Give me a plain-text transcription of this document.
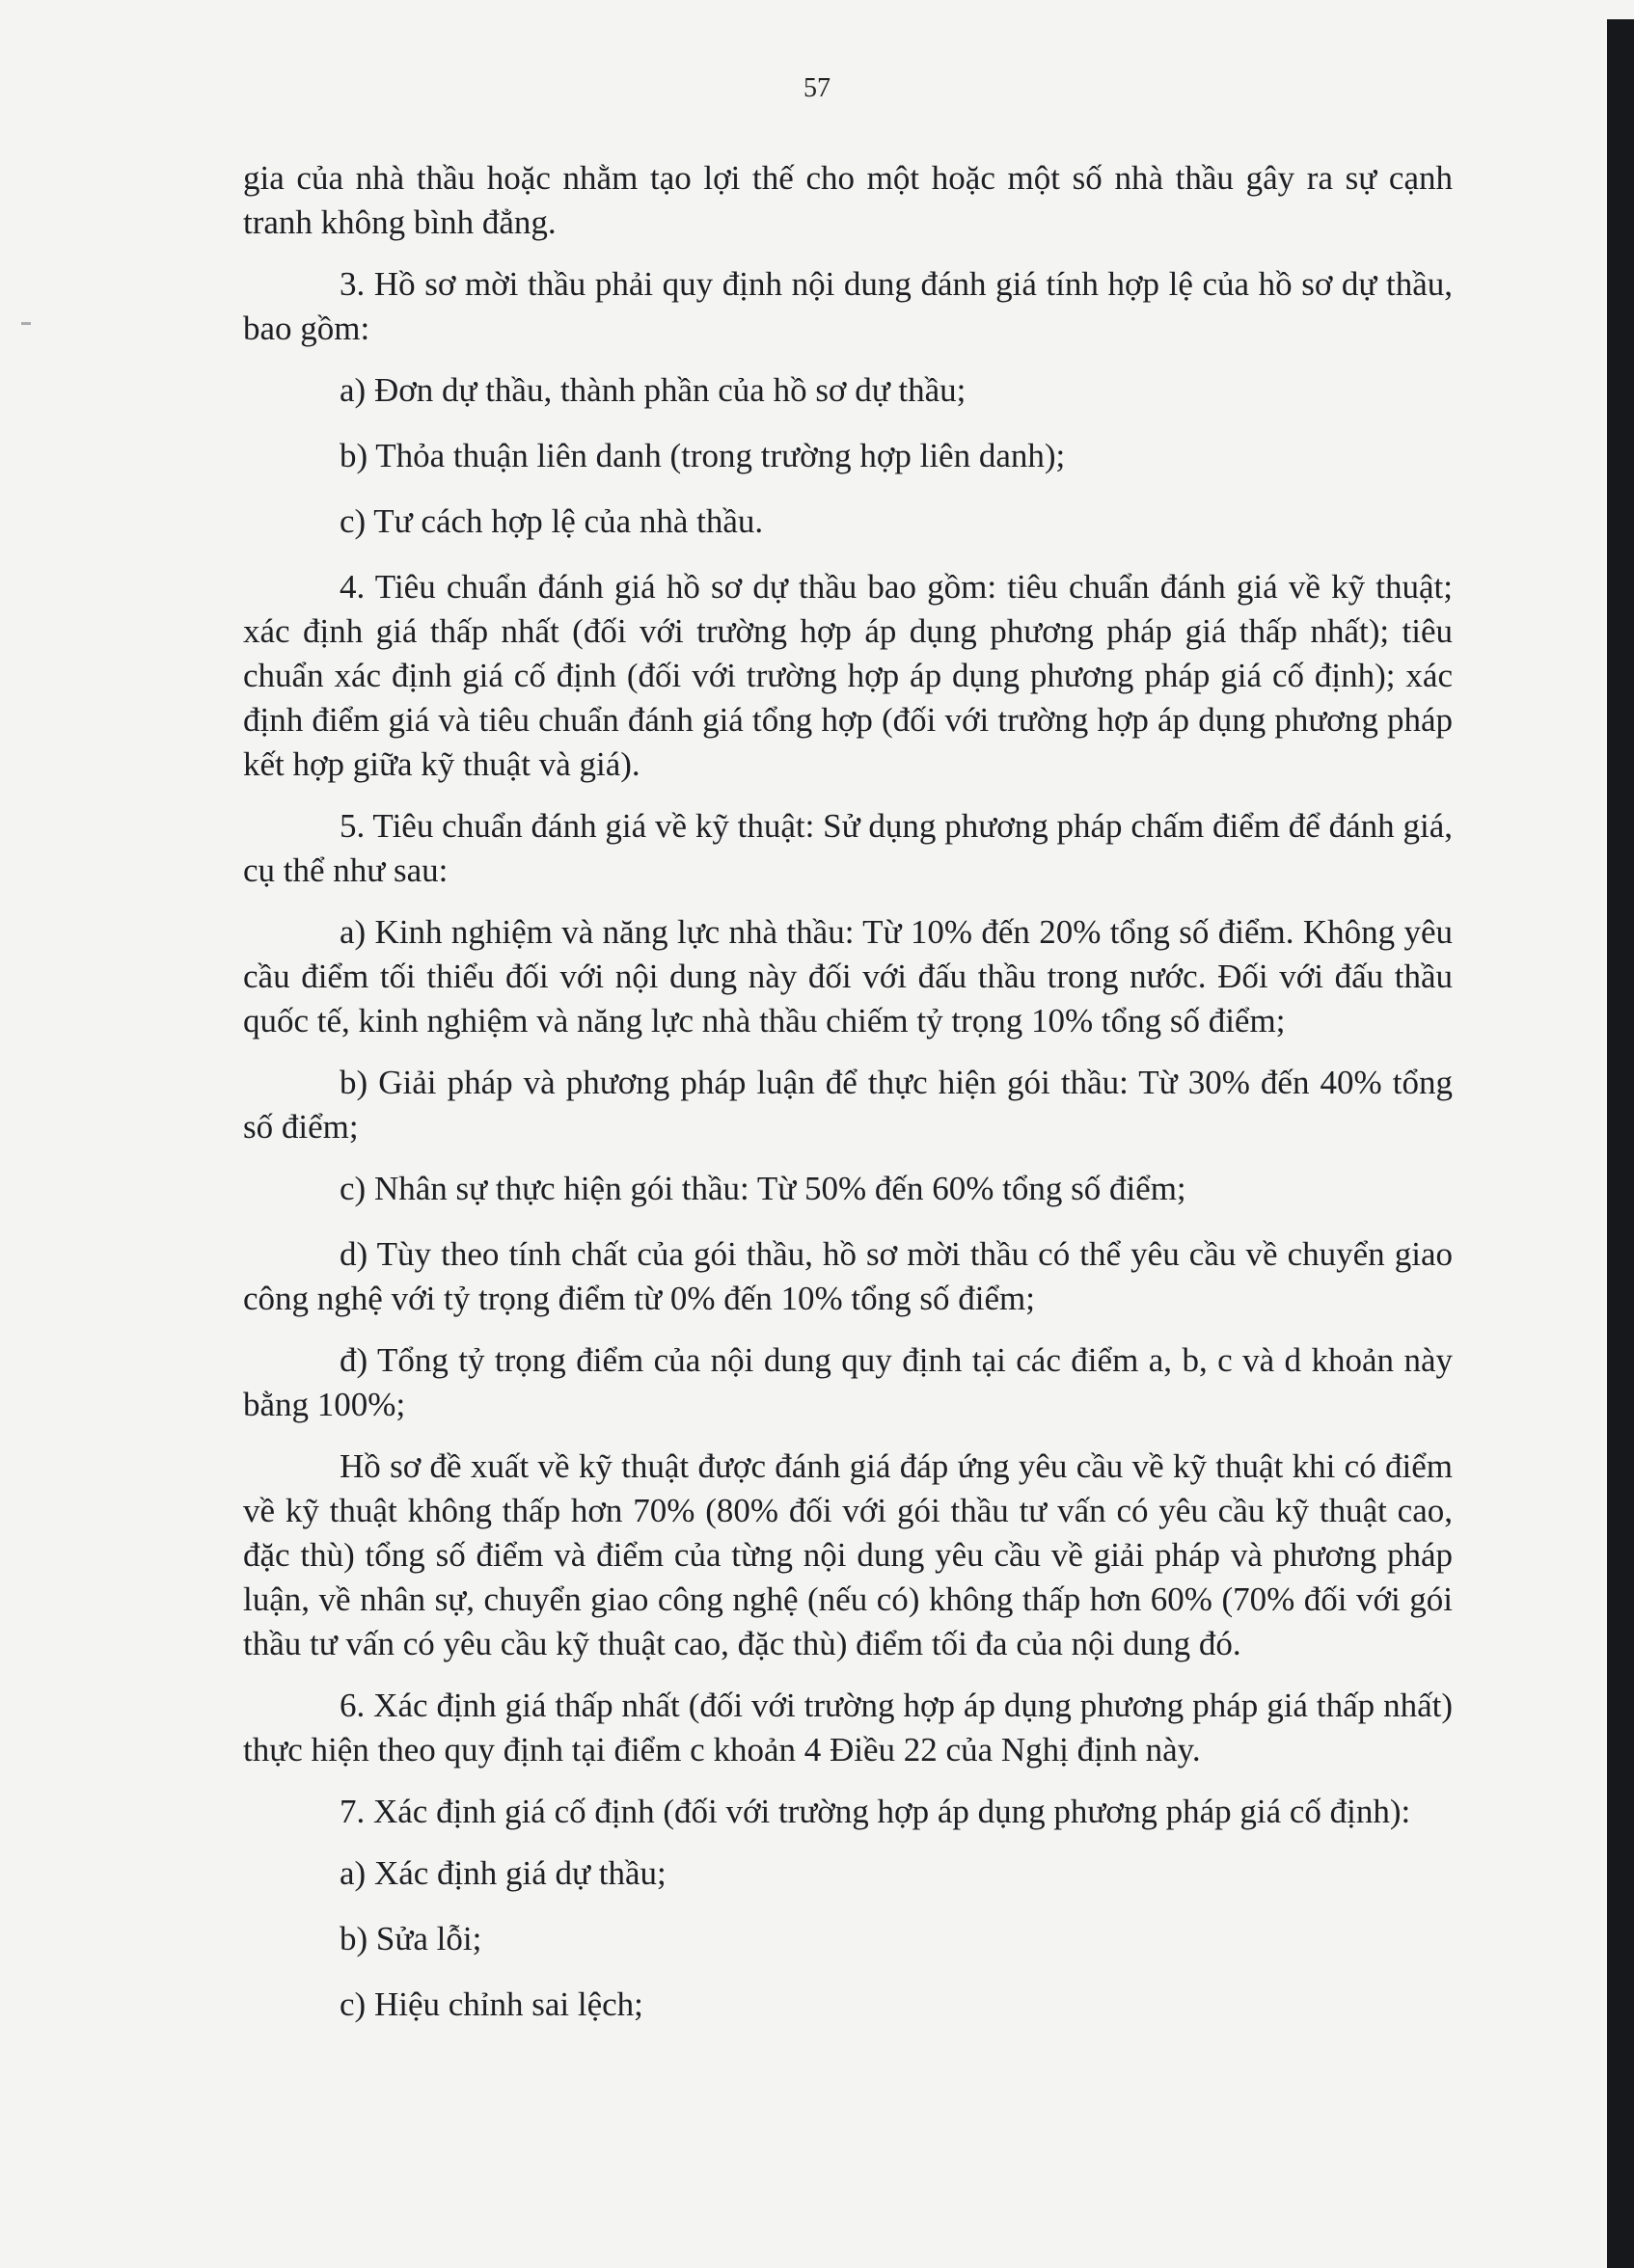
57

gia của nhà thầu hoặc nhằm tạo lợi thế cho một hoặc một số nhà thầu gây ra sự cạnh tranh không bình đẳng.

3. Hồ sơ mời thầu phải quy định nội dung đánh giá tính hợp lệ của hồ sơ dự thầu, bao gồm:

a) Đơn dự thầu, thành phần của hồ sơ dự thầu;

b) Thỏa thuận liên danh (trong trường hợp liên danh);

c) Tư cách hợp lệ của nhà thầu.

4. Tiêu chuẩn đánh giá hồ sơ dự thầu bao gồm: tiêu chuẩn đánh giá về kỹ thuật; xác định giá thấp nhất (đối với trường hợp áp dụng phương pháp giá thấp nhất); tiêu chuẩn xác định giá cố định (đối với trường hợp áp dụng phương pháp giá cố định); xác định điểm giá và tiêu chuẩn đánh giá tổng hợp (đối với trường hợp áp dụng phương pháp kết hợp giữa kỹ thuật và giá).

5. Tiêu chuẩn đánh giá về kỹ thuật: Sử dụng phương pháp chấm điểm để đánh giá, cụ thể như sau:

a) Kinh nghiệm và năng lực nhà thầu: Từ 10% đến 20% tổng số điểm. Không yêu cầu điểm tối thiểu đối với nội dung này đối với đấu thầu trong nước. Đối với đấu thầu quốc tế, kinh nghiệm và năng lực nhà thầu chiếm tỷ trọng 10% tổng số điểm;

b) Giải pháp và phương pháp luận để thực hiện gói thầu: Từ 30% đến 40% tổng số điểm;

c) Nhân sự thực hiện gói thầu: Từ 50% đến 60% tổng số điểm;

d) Tùy theo tính chất của gói thầu, hồ sơ mời thầu có thể yêu cầu về chuyển giao công nghệ với tỷ trọng điểm từ 0% đến 10% tổng số điểm;

đ) Tổng tỷ trọng điểm của nội dung quy định tại các điểm a, b, c và d khoản này bằng 100%;

Hồ sơ đề xuất về kỹ thuật được đánh giá đáp ứng yêu cầu về kỹ thuật khi có điểm về kỹ thuật không thấp hơn 70% (80% đối với gói thầu tư vấn có yêu cầu kỹ thuật cao, đặc thù) tổng số điểm và điểm của từng nội dung yêu cầu về giải pháp và phương pháp luận, về nhân sự, chuyển giao công nghệ (nếu có) không thấp hơn 60% (70% đối với gói thầu tư vấn có yêu cầu kỹ thuật cao, đặc thù) điểm tối đa của nội dung đó.

6. Xác định giá thấp nhất (đối với trường hợp áp dụng phương pháp giá thấp nhất) thực hiện theo quy định tại điểm c khoản 4 Điều 22 của Nghị định này.

7. Xác định giá cố định (đối với trường hợp áp dụng phương pháp giá cố định):

a) Xác định giá dự thầu;

b) Sửa lỗi;

c) Hiệu chỉnh sai lệch;
